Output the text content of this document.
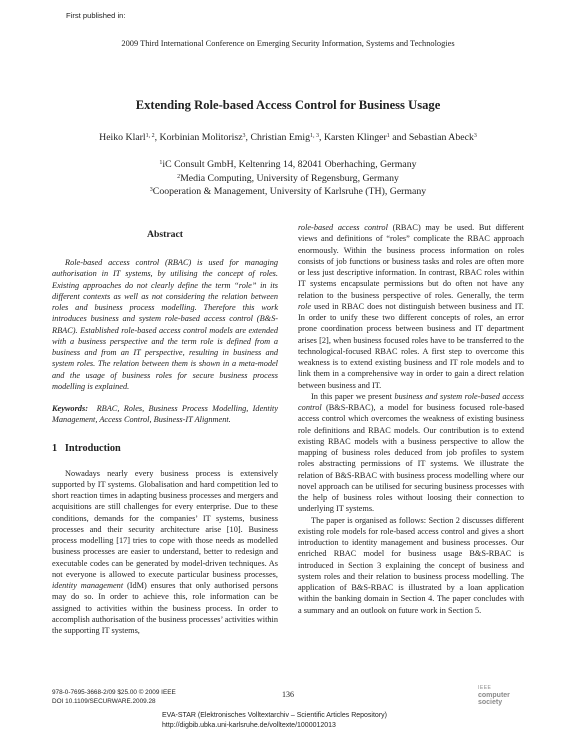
First published in:
2009 Third International Conference on Emerging Security Information, Systems and Technologies
Extending Role-based Access Control for Business Usage
Heiko Klarl$^{1, 2}$, Korbinian Molitorisz$^3$, Christian Emig$^{1, 3}$, Karsten Klinger$^1$ and Sebastian Abeck$^3$
$^1$iC Consult GmbH, Keltenring 14, 82041 Oberhaching, Germany
$^2$Media Computing, University of Regensburg, Germany
$^3$Cooperation & Management, University of Karlsruhe (TH), Germany
Abstract

Role-based access control (RBAC) is used for managing authorisation in IT systems, by utilising the concept of roles. Existing approaches do not clearly define the term “role” in its different contexts as well as not considering the relation between roles and business process modelling. Therefore this work introduces business and system role-based access control (B&S-RBAC). Established role-based access control models are extended with a business perspective and the term role is defined from a business and from an IT perspective, resulting in business and system roles. The relation between them is shown in a meta-model and the usage of business roles for secure business process modelling is explained.

Keywords: RBAC, Roles, Business Process Modelling, Identity Management, Access Control, Business-IT Alignment.

1 Introduction

Nowadays nearly every business process is extensively supported by IT systems. Globalisation and hard competition led to short reaction times in adapting business processes and mergers and acquisitions are still challenges for every enterprise. Due to these conditions, demands for the companies’ IT systems, business processes and their security architecture arise [10]. Business process modelling [17] tries to cope with those needs as modelled business processes are easier to understand, better to redesign and executable codes can be generated by model-driven techniques. As not everyone is allowed to execute particular business processes, identity management (IdM) ensures that only authorised persons may do so. In order to achieve this, role information can be assigned to activities within the business process. In order to accomplish authorisation of the business processes’ activities within the supporting IT systems,

role-based access control (RBAC) may be used. But different views and definitions of “roles” complicate the RBAC approach enormously. Within the business process information on roles consists of job functions or business tasks and roles are often more or less just descriptive information. In contrast, RBAC roles within IT systems encapsulate permissions but do often not have any relation to the business perspective of roles. Generally, the term role used in RBAC does not distinguish between business and IT. In order to unify these two different concepts of roles, an error prone coordination process between business and IT department arises [2], when business focused roles have to be transferred to the technological-focused RBAC roles. A first step to overcome this weakness is to extend existing business and IT role models and to link them in a comprehensive way in order to gain a direct relation between business and IT.

In this paper we present business and system role-based access control (B&S-RBAC), a model for business focused role-based access control which overcomes the weakness of existing business role definitions and RBAC models. Our contribution is to extend existing RBAC models with a business perspective to allow the mapping of business roles deduced from job profiles to system roles abstracting permissions of IT systems. We illustrate the relation of B&S-RBAC with business process modelling where our novel approach can be utilised for securing business processes with the help of business roles without loosing their connection to underlying IT systems.

The paper is organised as follows: Section 2 discusses different existing role models for role-based access control and gives a short introduction to identity management and business processes. Our enriched RBAC model for business usage B&S-RBAC is introduced in Section 3 explaining the concept of business and system roles and their relation to business process modelling. The application of B&S-RBAC is illustrated by a loan application within the banking domain in Section 4. The paper concludes with a summary and an outlook on future work in Section 5.

978-0-7695-3668-2/09 $25.00 © 2009 IEEE
DOI 10.1109/SECURWARE.2009.28
136
EVA-STAR (Elektronisches Volltextarchiv – Scientific Articles Repository)
http://digbib.ubka.uni-karlsruhe.de/volltexte/1000012013
IEEE
computer society
